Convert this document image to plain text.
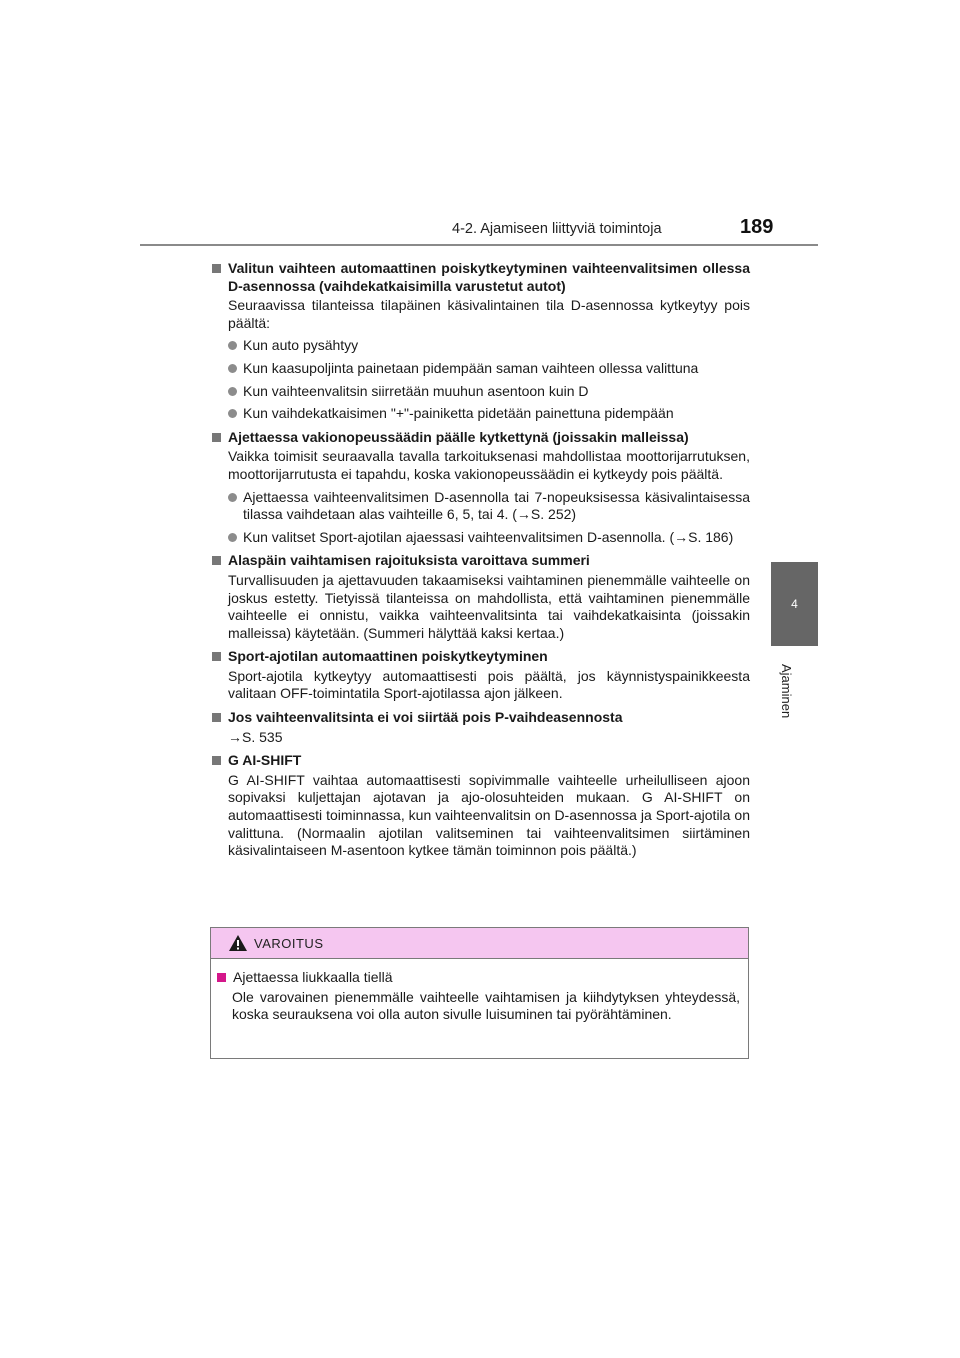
4-2. Ajamiseen liittyviä toimintoja	189
4
Ajaminen
Valitun vaihteen automaattinen poiskytkeytyminen vaihteenvalitsimen ollessa D-asennossa (vaihdekatkaisimilla varustetut autot)
Seuraavissa tilanteissa tilapäinen käsivalintainen tila D-asennossa kytkeytyy pois päältä:
Kun auto pysähtyy
Kun kaasupoljinta painetaan pidempään saman vaihteen ollessa valittuna
Kun vaihteenvalitsin siirretään muuhun asentoon kuin D
Kun vaihdekatkaisimen "+"-painiketta pidetään painettuna pidempään
Ajettaessa vakionopeussäädin päälle kytkettynä (joissakin malleissa)
Vaikka toimisit seuraavalla tavalla tarkoituksenasi mahdollistaa moottorijarrutuksen, moottorijarrutusta ei tapahdu, koska vakionopeussäädin ei kytkeydy pois päältä.
Ajettaessa vaihteenvalitsimen D-asennolla tai 7-nopeuksisessa käsivalintaisessa tilassa vaihdetaan alas vaihteille 6, 5, tai 4. (→S. 252)
Kun valitset Sport-ajotilan ajaessasi vaihteenvalitsimen D-asennolla. (→S. 186)
Alaspäin vaihtamisen rajoituksista varoittava summeri
Turvallisuuden ja ajettavuuden takaamiseksi vaihtaminen pienemmälle vaihteelle on joskus estetty. Tietyissä tilanteissa on mahdollista, että vaihtaminen pienemmälle vaihteelle ei onnistu, vaikka vaihteenvalitsinta tai vaihdekatkaisinta (joissakin malleissa) käytetään. (Summeri hälyttää kaksi kertaa.)
Sport-ajotilan automaattinen poiskytkeytyminen
Sport-ajotila kytkeytyy automaattisesti pois päältä, jos käynnistyspainikkeesta valitaan OFF-toimintatila Sport-ajotilassa ajon jälkeen.
Jos vaihteenvalitsinta ei voi siirtää pois P-vaihdeasennosta
→S. 535
G AI-SHIFT
G AI-SHIFT vaihtaa automaattisesti sopivimmalle vaihteelle urheilulliseen ajoon sopivaksi kuljettajan ajotavan ja ajo-olosuhteiden mukaan. G AI-SHIFT on automaattisesti toiminnassa, kun vaihteenvalitsin on D-asennossa ja Sport-ajotila on valittuna. (Normaalin ajotilan valitseminen tai vaihteenvalitsimen siirtäminen käsivalintaiseen M-asentoon kytkee tämän toiminnon pois päältä.)
VAROITUS
Ajettaessa liukkaalla tiellä
Ole varovainen pienemmälle vaihteelle vaihtamisen ja kiihdytyksen yhteydessä, koska seurauksena voi olla auton sivulle luisuminen tai pyörähtäminen.
